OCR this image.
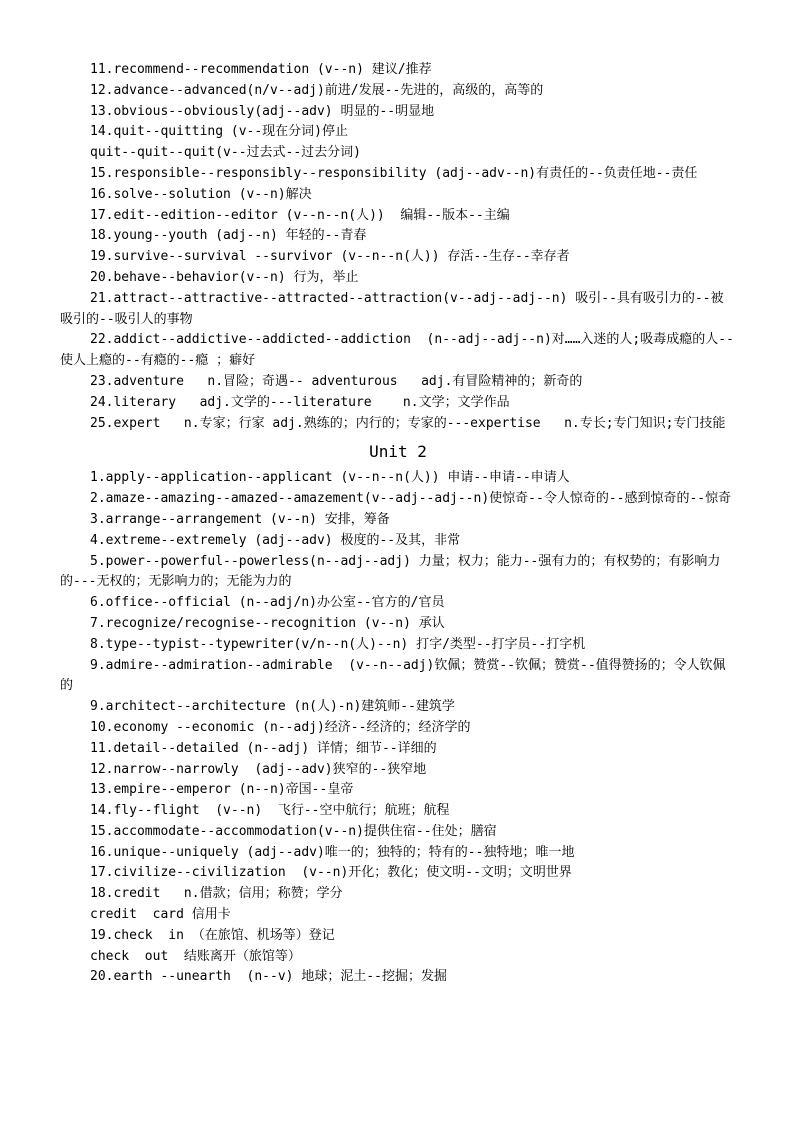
11.recommend--recommendation (v--n) 建议/推荐

12.advance--advanced(n/v--adj)前进/发展--先进的，高级的，高等的

13.obvious--obviously(adj--adv) 明显的--明显地

14.quit--quitting (v--现在分词)停止

quit--quit--quit(v--过去式--过去分词)

15.responsible--responsibly--responsibility (adj--adv--n)有责任的--负责任地--责任

16.solve--solution (v--n)解决

17.edit--edition--editor (v--n--n(人))  编辑--版本--主编

18.young--youth (adj--n) 年轻的--青春

19.survive--survival --survivor (v--n--n(人)) 存活--生存--幸存者

20.behave--behavior(v--n) 行为，举止

21.attract--attractive--attracted--attraction(v--adj--adj--n) 吸引--具有吸引力的--被吸引的--吸引人的事物

22.addict--addictive--addicted--addiction  (n--adj--adj--n)对……入迷的人;吸毒成瘾的人--使人上瘾的--有瘾的--瘾 ；癖好

23.adventure   n.冒险；奇遇-- adventurous   adj.有冒险精神的；新奇的

24.literary   adj.文学的---literature    n.文学；文学作品

25.expert   n.专家；行家 adj.熟练的；内行的；专家的---expertise   n.专长;专门知识;专门技能

Unit 2

1.apply--application--applicant (v--n--n(人)) 申请--申请--申请人

2.amaze--amazing--amazed--amazement(v--adj--adj--n)使惊奇--令人惊奇的--感到惊奇的--惊奇

3.arrange--arrangement (v--n) 安排，筹备

4.extreme--extremely (adj--adv) 极度的--及其，非常

5.power--powerful--powerless(n--adj--adj) 力量；权力；能力--强有力的；有权势的；有影响力的---无权的；无影响力的；无能为力的

6.office--official (n--adj/n)办公室--官方的/官员

7.recognize/recognise--recognition (v--n) 承认

8.type--typist--typewriter(v/n--n(人)--n) 打字/类型--打字员--打字机

9.admire--admiration--admirable  (v--n--adj)钦佩；赞赏--钦佩；赞赏--值得赞扬的；令人钦佩的

9.architect--architecture (n(人)-n)建筑师--建筑学

10.economy --economic (n--adj)经济--经济的；经济学的

11.detail--detailed (n--adj) 详情；细节--详细的

12.narrow--narrowly  (adj--adv)狭窄的--狭窄地

13.empire--emperor (n--n)帝国--皇帝

14.fly--flight  (v--n)  飞行--空中航行；航班；航程

15.accommodate--accommodation(v--n)提供住宿--住处；膳宿

16.unique--uniquely (adj--adv)唯一的；独特的；特有的--独特地；唯一地

17.civilize--civilization  (v--n)开化；教化；使文明--文明；文明世界

18.credit   n.借款；信用；称赞；学分

credit  card 信用卡

19.check  in （在旅馆、机场等）登记

check  out  结账离开（旅馆等）

20.earth --unearth  (n--v) 地球；泥土--挖掘；发掘
